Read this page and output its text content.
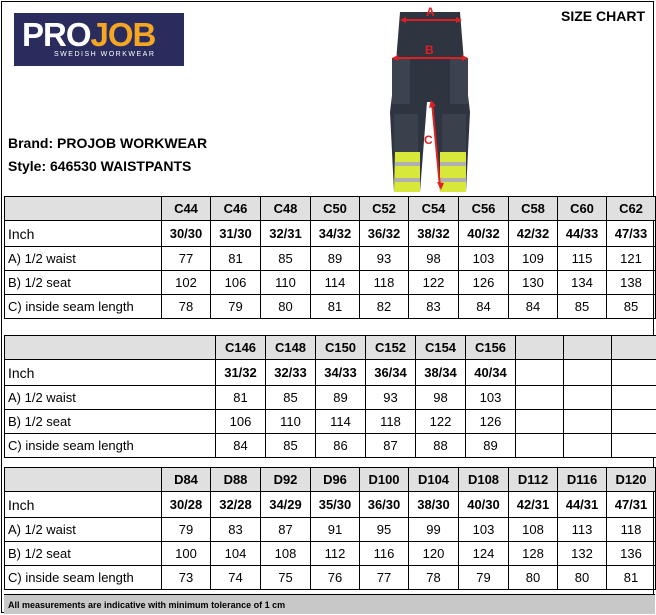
PROJOB
SWEDISH WORKWEAR
SIZE CHART
A
B
C
Brand: PROJOB WORKWEAR
Style: 646530 WAISTPANTS
	C44	C46	C48	C50	C52	C54	C56	C58	C60	C62
Inch	30/30	31/30	32/31	34/32	36/32	38/32	40/32	42/32	44/33	47/33
A) 1/2 waist	77	81	85	89	93	98	103	109	115	121
B) 1/2 seat	102	106	110	114	118	122	126	130	134	138
C) inside seam length	78	79	80	81	82	83	84	84	85	85
	C146	C148	C150	C152	C154	C156				
Inch	31/32	32/33	34/33	36/34	38/34	40/34				
A) 1/2 waist	81	85	89	93	98	103				
B) 1/2 seat	106	110	114	118	122	126				
C) inside seam length	84	85	86	87	88	89				
	D84	D88	D92	D96	D100	D104	D108	D112	D116	D120
Inch	30/28	32/28	34/29	35/30	36/30	38/30	40/30	42/31	44/31	47/31
A) 1/2 waist	79	83	87	91	95	99	103	108	113	118
B) 1/2 seat	100	104	108	112	116	120	124	128	132	136
C) inside seam length	73	74	75	76	77	78	79	80	80	81
All measurements are indicative with minimum tolerance of 1 cm
